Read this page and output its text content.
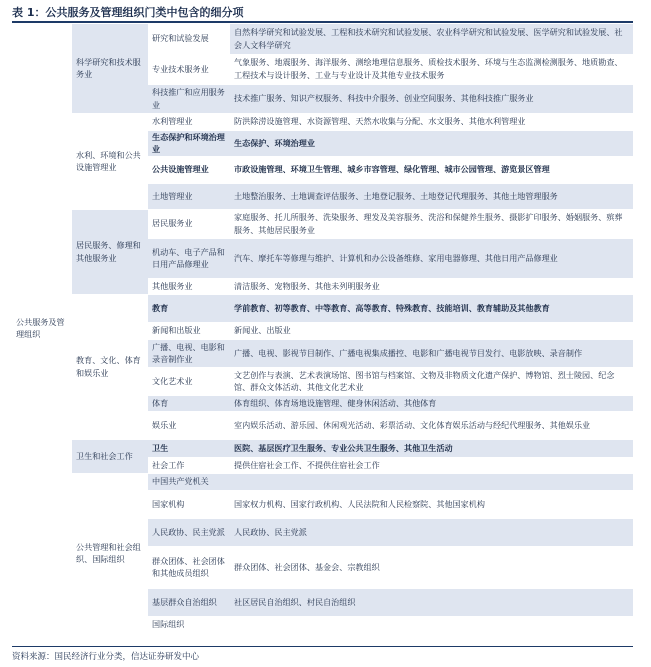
表 1：公共服务及管理组织门类中包含的细分项
公共服务及管理组织	科学研究和技术服务业	研究和试验发展	自然科学研究和试验发展、工程和技术研究和试验发展、农业科学研究和试验发展、医学研究和试验发展、社会人文科学研究
		专业技术服务业	气象服务、地震服务、海洋服务、测绘地理信息服务、质检技术服务、环境与生态监测检测服务、地质勘查、工程技术与设计服务、工业与专业设计及其他专业技术服务
		科技推广和应用服务业	技术推广服务、知识产权服务、科技中介服务、创业空间服务、其他科技推广服务业
	水利、环境和公共设施管理业	水利管理业	防洪除涝设施管理、水资源管理、天然水收集与分配、水文服务、其他水利管理业
		生态保护和环境治理业	生态保护、环境治理业
		公共设施管理业	市政设施管理、环境卫生管理、城乡市容管理、绿化管理、城市公园管理、游览景区管理
		土地管理业	土地整治服务、土地调查评估服务、土地登记服务、土地登记代理服务、其他土地管理服务
	居民服务、修理和其他服务业	居民服务业	家庭服务、托儿所服务、洗染服务、理发及美容服务、洗浴和保健养生服务、摄影扩印服务、婚姻服务、殡葬服务、其他居民服务业
		机动车、电子产品和日用产品修理业	汽车、摩托车等修理与维护、计算机和办公设备维修、家用电器修理、其他日用产品修理业
		其他服务业	清洁服务、宠物服务、其他未列明服务业
	教育、文化、体育和娱乐业	教育	学前教育、初等教育、中等教育、高等教育、特殊教育、技能培训、教育辅助及其他教育
		新闻和出版业	新闻业、出版业
		广播、电视、电影和录音制作业	广播、电视、影视节目制作、广播电视集成播控、电影和广播电视节目发行、电影放映、录音制作
		文化艺术业	文艺创作与表演、艺术表演场馆、图书馆与档案馆、文物及非物质文化遗产保护、博物馆、烈士陵园、纪念馆、群众文体活动、其他文化艺术业
		体育	体育组织、体育场地设施管理、健身休闲活动、其他体育
		娱乐业	室内娱乐活动、游乐园、休闲观光活动、彩票活动、文化体育娱乐活动与经纪代理服务、其他娱乐业
	卫生和社会工作	卫生	医院、基层医疗卫生服务、专业公共卫生服务、其他卫生活动
		社会工作	提供住宿社会工作、不提供住宿社会工作
	公共管理和社会组织、国际组织	中国共产党机关	
		国家机构	国家权力机构、国家行政机构、人民法院和人民检察院、其他国家机构
		人民政协、民主党派	人民政协、民主党派
		群众团体、社会团体和其他成员组织	群众团体、社会团体、基金会、宗教组织
		基层群众自治组织	社区居民自治组织、村民自治组织
		国际组织	
资料来源：国民经济行业分类，信达证券研发中心
